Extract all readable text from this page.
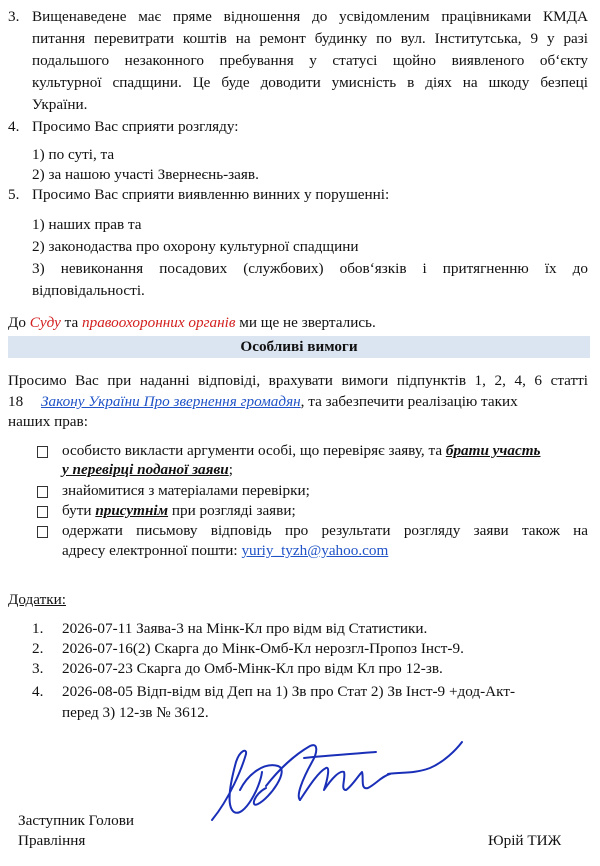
3. Вищенаведене має пряме відношення до усвідомленим працівниками КМДА
питання перевитрати коштів на ремонт будинку по вул. Інститутська, 9 у разі
подальшого незаконного пребування у статусі щойно виявленого об‘єкту
культурної спадщини. Це буде доводити умисність в діях на шкоду безпеці
України.
4. Просимо Вас сприяти розгляду:
1) по суті, та
2) за нашою участі Звернеєнь-заяв.
5. Просимо Вас сприяти виявленню винних у порушенні:
1) наших прав та
2) законодаства про охорону культурної спадщини
3) невиконання посадових (службових) обов‘язків і притягненню їх до
відповідальності.
До Суду та правоохоронних органів ми ще не звертались.
Особливі вимоги
Просимо Вас при наданні відповіді, врахувати вимоги підпунктів 1, 2, 4, 6 статті
18 Закону України Про звернення громадян, та забезпечити реалізацію таких
наших прав:
особисто викласти аргументи особі, що перевіряє заяву, та брати участь
у перевірці поданої заяви;
знайомитися з матеріалами перевірки;
бути присутнім при розгляді заяви;
одержати письмову відповідь про результати розгляду заяви також на
адресу електронної пошти: yuriy_tyzh@yahoo.com
Додатки:
1. 2026-07-11 Заява-3 на Мінк-Кл про відм від Статистики.
2. 2026-07-16(2) Скарга до Мінк-Омб-Кл нерозгл-Пропоз Інст-9.
3. 2026-07-23 Скарга до Омб-Мінк-Кл про відм Кл про 12-зв.
4. 2026-08-05 Відп-відм від Деп на 1) Зв про Стат 2) Зв Інст-9 +дод-Акт-
перед 3) 12-зв № 3612.
Заступник Голови
Правління	Юрій ТИЖ
